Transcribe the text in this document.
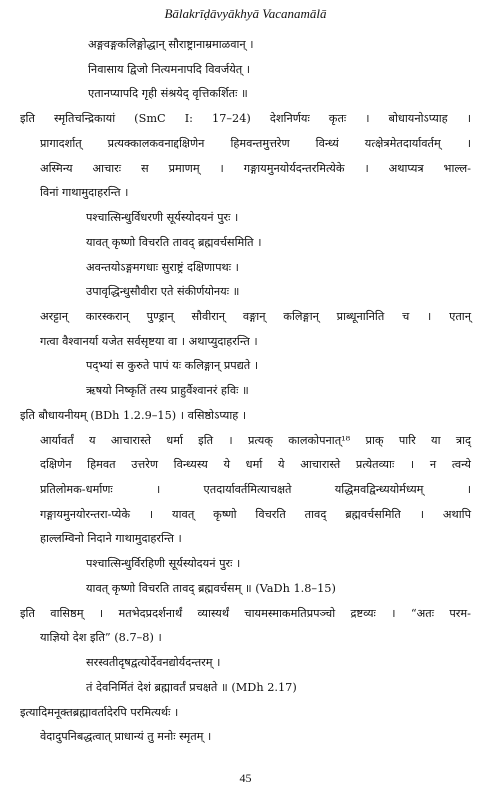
Bālakrīḍāvyākhyā Vacanamālā
अङ्गवङ्गकलिङ्गोद्धान् सौराष्ट्रानाम्रमाळवान् ।
निवासाय द्विजो नित्यमनापदि विवर्जयेत् ।
एतानप्यापदि गृही संश्रयेद् वृत्तिकर्शितः ॥
इति स्मृतिचन्द्रिकायां (SmC I: 17–24) देशनिर्णयः कृतः । बोधायनोऽप्याह ।
प्रागादर्शात् प्रत्यक्कालकवनाद्दक्षिणेन हिमवन्तमुत्तरेण विन्ध्यं यत्क्षेत्रमेतदार्यावर्तम् ।
अस्मिन्य आचारः स प्रमाणम् । गङ्गायमुनयोर्यदन्तरमित्येके । अथाप्यत्र भाल्ल-
विनां गाथामुदाहरन्ति ।
पश्चात्सिन्धुर्विधरणी सूर्यस्योदयनं पुरः ।
यावत् कृष्णो विचरति तावद् ब्रह्मवर्चसमिति ।
अवन्तयोऽङ्गमगधाः सुराष्ट्रं दक्षिणापथः ।
उपावृद्धिन्धुसौवीरा एते संकीर्णयोनयः ॥
अरट्टान् कारस्करान् पुण्ड्रान् सौवीरान् वङ्गान् कलिङ्गान् प्राब्धूनानिति च । एतान्
गत्वा वैश्वानर्या यजेत सर्वसृष्टया वा । अथाप्युदाहरन्ति ।
पद्भ्यां स कुरुते पापं यः कलिङ्गान् प्रपद्यते ।
ऋषयो निष्कृतिं तस्य प्राहुर्वैश्वानरं हविः ॥
इति बौधायनीयम् (BDh 1.2.9–15) । वसिष्ठोऽप्याह ।
आर्यावर्तं य आचारास्ते धर्मा इति । प्रत्यक् कालकोपनात्¹⁸ प्राक् पारि या त्राद्
दक्षिणेन हिमवत उत्तरेण विन्ध्यस्य ये धर्मा ये आचारास्ते प्रत्येतव्याः । न त्वन्ये
प्रतिलोमक-धर्माणः । एतदार्यावर्तमित्याचक्षते यद्धिमवद्विन्ध्ययोर्मध्यम् ।
गङ्गायमुनयोरन्तरा-प्येके । यावत् कृष्णो विचरति तावद् ब्रह्मवर्चसमिति । अथापि
हाल्लम्विनो निदाने गाथामुदाहरन्ति ।
पश्चात्सिन्धुर्विरहिणी सूर्यस्योदयनं पुरः ।
यावत् कृष्णो विचरति तावद् ब्रह्मवर्चसम् ॥ (VaDh 1.8–15)
इति वासिष्ठम् । मतभेदप्रदर्शनार्थं व्यास्यर्थं चायमस्माकमतिप्रपञ्चो द्रष्टव्यः । “अतः परम-
याज्ञियो देश इति” (8.7–8) ।
सरस्वतीदृषद्वत्योर्देवनद्योर्यदन्तरम् ।
तं देवनिर्मितं देशं ब्रह्मावर्तं प्रचक्षते ॥ (MDh 2.17)
इत्यादिमनूक्तब्रह्मावर्तादेरपि परमित्यर्थः ।
वेदादुपनिबद्धत्वात् प्राधान्यं तु मनोः स्मृतम् ।
45
